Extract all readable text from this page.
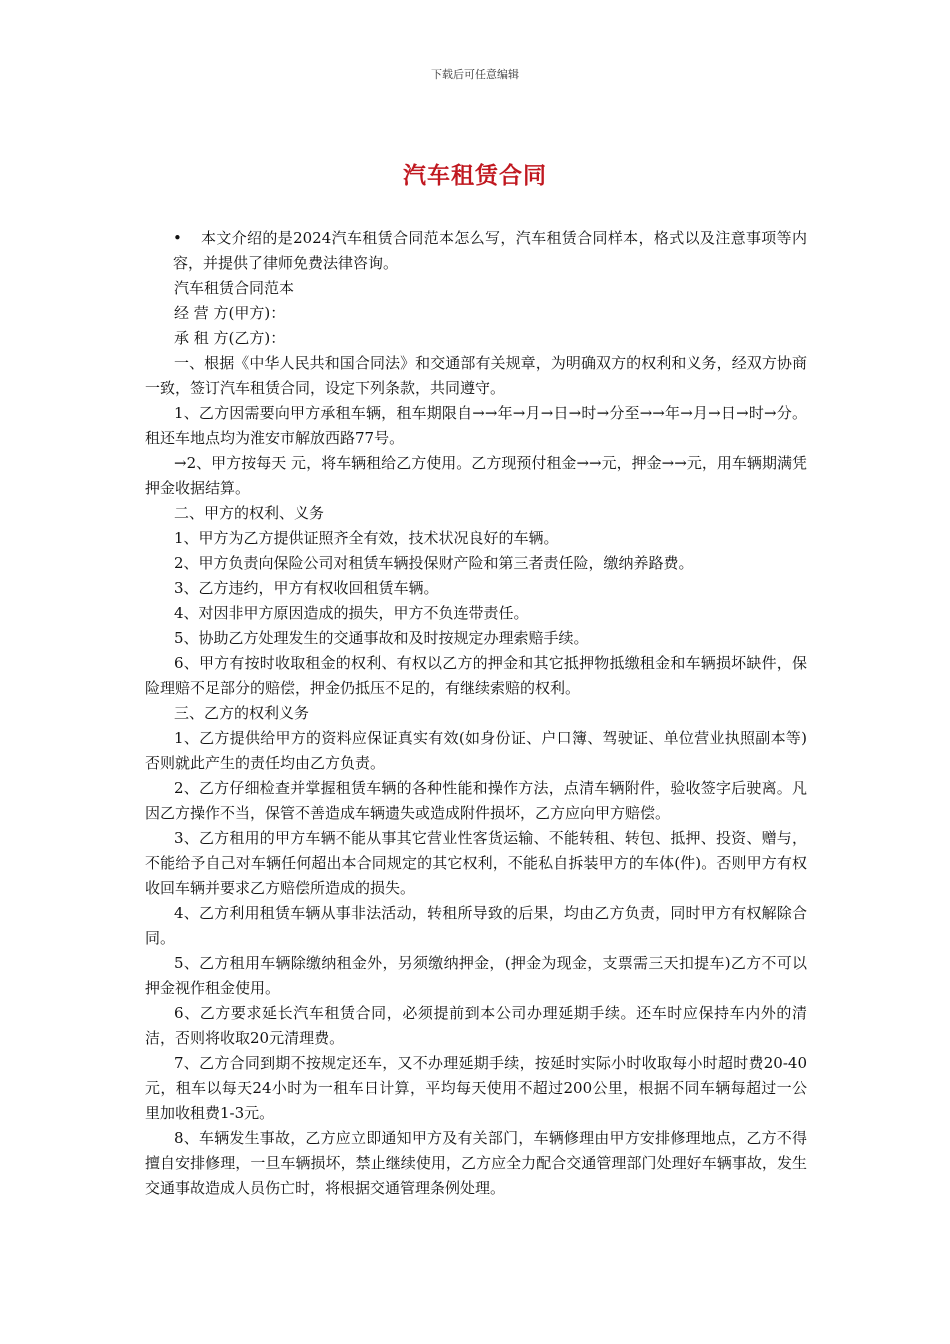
下载后可任意编辑
汽车租赁合同

•	本文介绍的是2024汽车租赁合同范本怎么写，汽车租赁合同样本，格式以及注意事项等内容，并提供了律师免费法律咨询。

汽车租赁合同范本

经 营 方(甲方)：

承 租 方(乙方)：

一、根据《中华人民共和国合同法》和交通部有关规章，为明确双方的权利和义务，经双方协商一致，签订汽车租赁合同，设定下列条款，共同遵守。

1、乙方因需要向甲方承租车辆，租车期限自→→年→月→日→时→分至→→年→月→日→时→分。租还车地点均为淮安市解放西路77号。

→2、甲方按每天 元，将车辆租给乙方使用。乙方现预付租金→→元，押金→→元，用车辆期满凭押金收据结算。

二、甲方的权利、义务

1、甲方为乙方提供证照齐全有效，技术状况良好的车辆。

2、甲方负责向保险公司对租赁车辆投保财产险和第三者责任险，缴纳养路费。

3、乙方违约，甲方有权收回租赁车辆。

4、对因非甲方原因造成的损失，甲方不负连带责任。

5、协助乙方处理发生的交通事故和及时按规定办理索赔手续。

6、甲方有按时收取租金的权利、有权以乙方的押金和其它抵押物抵缴租金和车辆损坏缺件，保险理赔不足部分的赔偿，押金仍抵压不足的，有继续索赔的权利。

三、乙方的权利义务

1、乙方提供给甲方的资料应保证真实有效(如身份证、户口簿、驾驶证、单位营业执照副本等)否则就此产生的责任均由乙方负责。

2、乙方仔细检查并掌握租赁车辆的各种性能和操作方法，点清车辆附件，验收签字后驶离。凡因乙方操作不当，保管不善造成车辆遗失或造成附件损坏，乙方应向甲方赔偿。

3、乙方租用的甲方车辆不能从事其它营业性客货运输、不能转租、转包、抵押、投资、赠与，不能给予自己对车辆任何超出本合同规定的其它权利，不能私自拆装甲方的车体(件)。否则甲方有权收回车辆并要求乙方赔偿所造成的损失。

4、乙方利用租赁车辆从事非法活动，转租所导致的后果，均由乙方负责，同时甲方有权解除合同。

5、乙方租用车辆除缴纳租金外，另须缴纳押金，(押金为现金，支票需三天扣提车)乙方不可以押金视作租金使用。

6、乙方要求延长汽车租赁合同，必须提前到本公司办理延期手续。还车时应保持车内外的清洁，否则将收取20元清理费。

7、乙方合同到期不按规定还车，又不办理延期手续，按延时实际小时收取每小时超时费20-40元，租车以每天24小时为一租车日计算，平均每天使用不超过200公里，根据不同车辆每超过一公里加收租费1-3元。

8、车辆发生事故，乙方应立即通知甲方及有关部门，车辆修理由甲方安排修理地点，乙方不得擅自安排修理，一旦车辆损坏，禁止继续使用，乙方应全力配合交通管理部门处理好车辆事故，发生交通事故造成人员伤亡时，将根据交通管理条例处理。
